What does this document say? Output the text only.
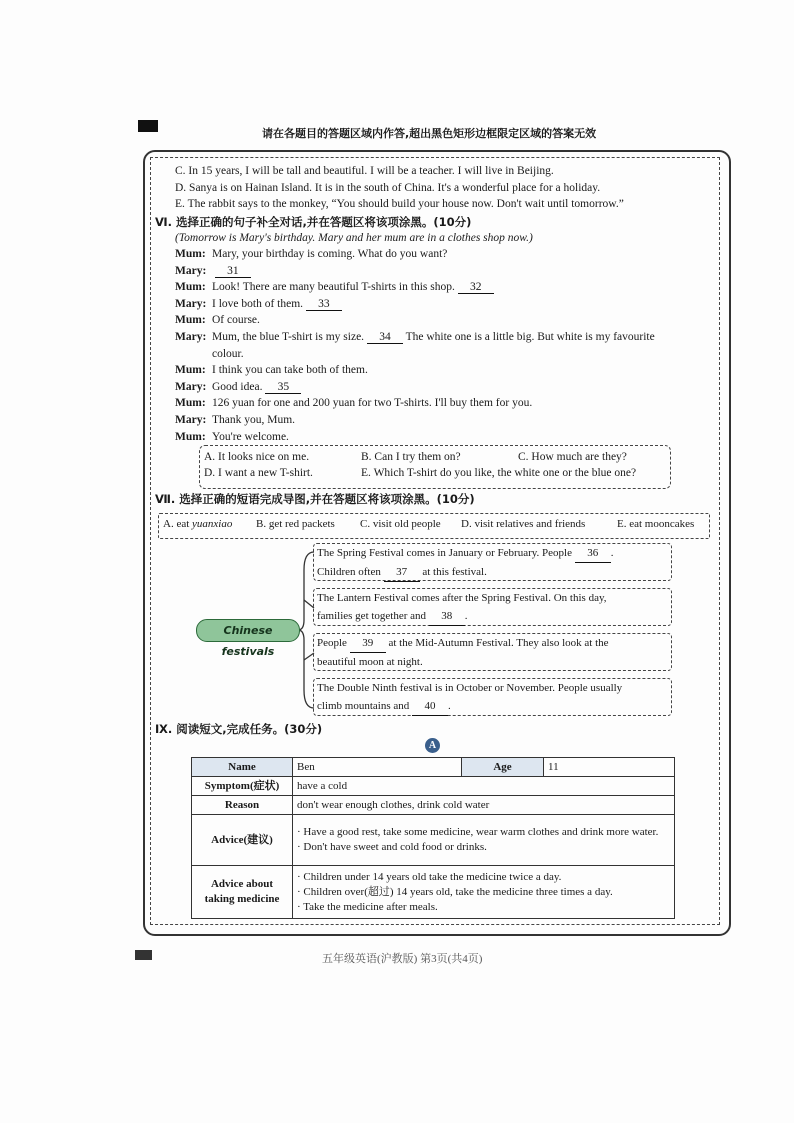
请在各题目的答题区域内作答,超出黑色矩形边框限定区域的答案无效
C. In 15 years, I will be tall and beautiful. I will be a teacher. I will live in Beijing.
D. Sanya is on Hainan Island. It is in the south of China. It's a wonderful place for a holiday.
E. The rabbit says to the monkey, “You should build your house now. Don't wait until tomorrow.”
Ⅵ. 选择正确的句子补全对话,并在答题区将该项涂黑。(10分)
(Tomorrow is Mary's birthday. Mary and her mum are in a clothes shop now.)
Mum: Mary, your birthday is coming. What do you want?
Mary: 31
Mum: Look! There are many beautiful T-shirts in this shop. 32
Mary: I love both of them. 33
Mum: Of course.
Mary: Mum, the blue T-shirt is my size. 34 The white one is a little big. But white is my favourite
colour.
Mum: I think you can take both of them.
Mary: Good idea. 35
Mum: 126 yuan for one and 200 yuan for two T-shirts. I'll buy them for you.
Mary: Thank you, Mum.
Mum: You're welcome.
A. It looks nice on me.	B. Can I try them on?	C. How much are they?
D. I want a new T-shirt.	E. Which T-shirt do you like, the white one or the blue one?
Ⅶ. 选择正确的短语完成导图,并在答题区将该项涂黑。(10分)
A. eat yuanxiao B. get red packets C. visit old people D. visit relatives and friends	E. eat mooncakes
Chinese festivals
The Spring Festival comes in January or February. People 36 .
Children often 37 at this festival.
The Lantern Festival comes after the Spring Festival. On this day,
families get together and 38 .
People 39 at the Mid-Autumn Festival. They also look at the
beautiful moon at night.
The Double Ninth festival is in October or November. People usually
climb mountains and 40 .
Ⅸ. 阅读短文,完成任务。(30分)
A
Name	Ben	Age	11
Symptom(症状)	have a cold		
Reason	don't wear enough clothes, drink cold water		
Advice(建议)	· Have a good rest, take some medicine, wear warm clothes and drink more water.
· Don't have sweet and cold food or drinks.		

Advice about taking medicine	· Children under 14 years old take the medicine twice a day.
· Children over(超过) 14 years old, take the medicine three times a day.
· Take the medicine after meals.		
五年级英语(沪教版) 第3页(共4页)
